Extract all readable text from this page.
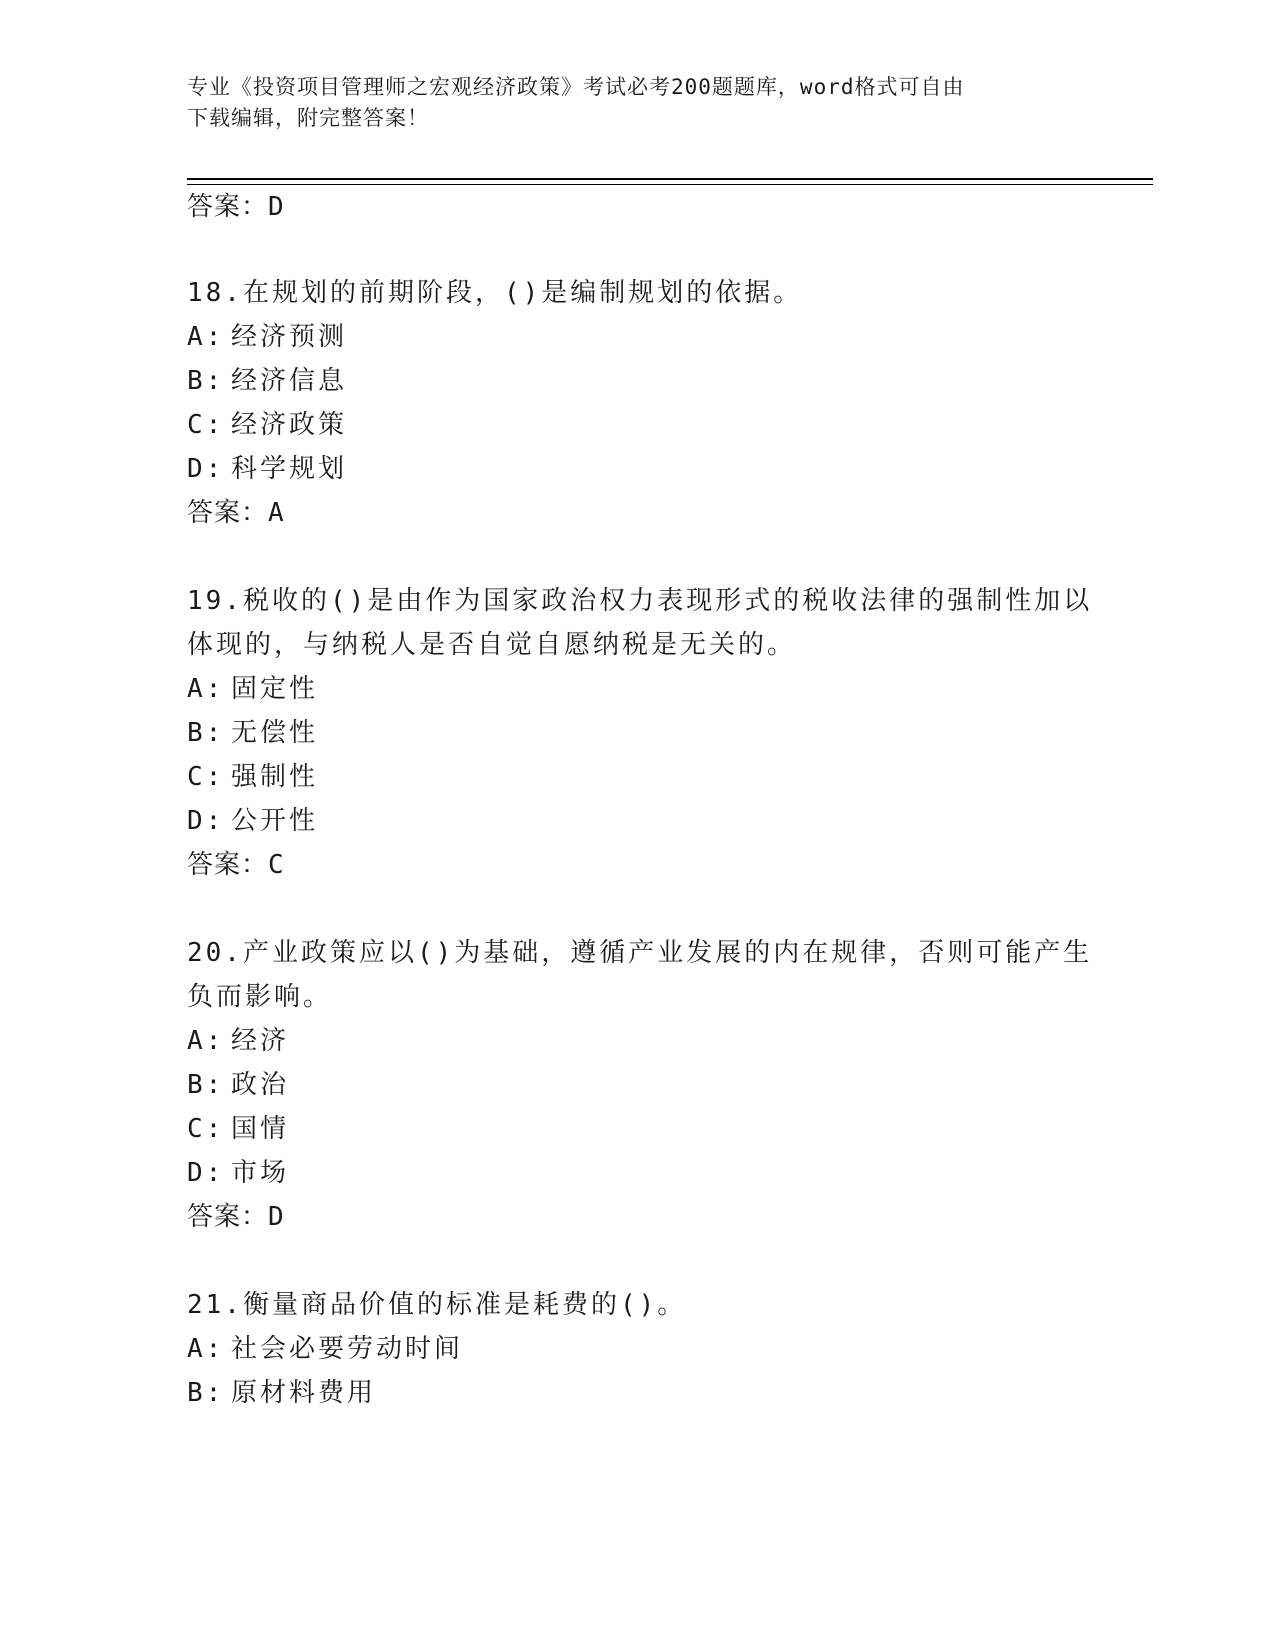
专业《投资项目管理师之宏观经济政策》考试必考200题题库，word格式可自由
下载编辑，附完整答案！
答案：D
18.在规划的前期阶段，()是编制规划的依据。
A: 经济预测
B: 经济信息
C: 经济政策
D: 科学规划
答案：A
19.税收的()是由作为国家政治权力表现形式的税收法律的强制性加以
体现的，与纳税人是否自觉自愿纳税是无关的。
A: 固定性
B: 无偿性
C: 强制性
D: 公开性
答案：C
20.产业政策应以()为基础，遵循产业发展的内在规律，否则可能产生
负而影响。
A: 经济
B: 政治
C: 国情
D: 市场
答案：D
21.衡量商品价值的标准是耗费的()。
A: 社会必要劳动时间
B: 原材料费用
